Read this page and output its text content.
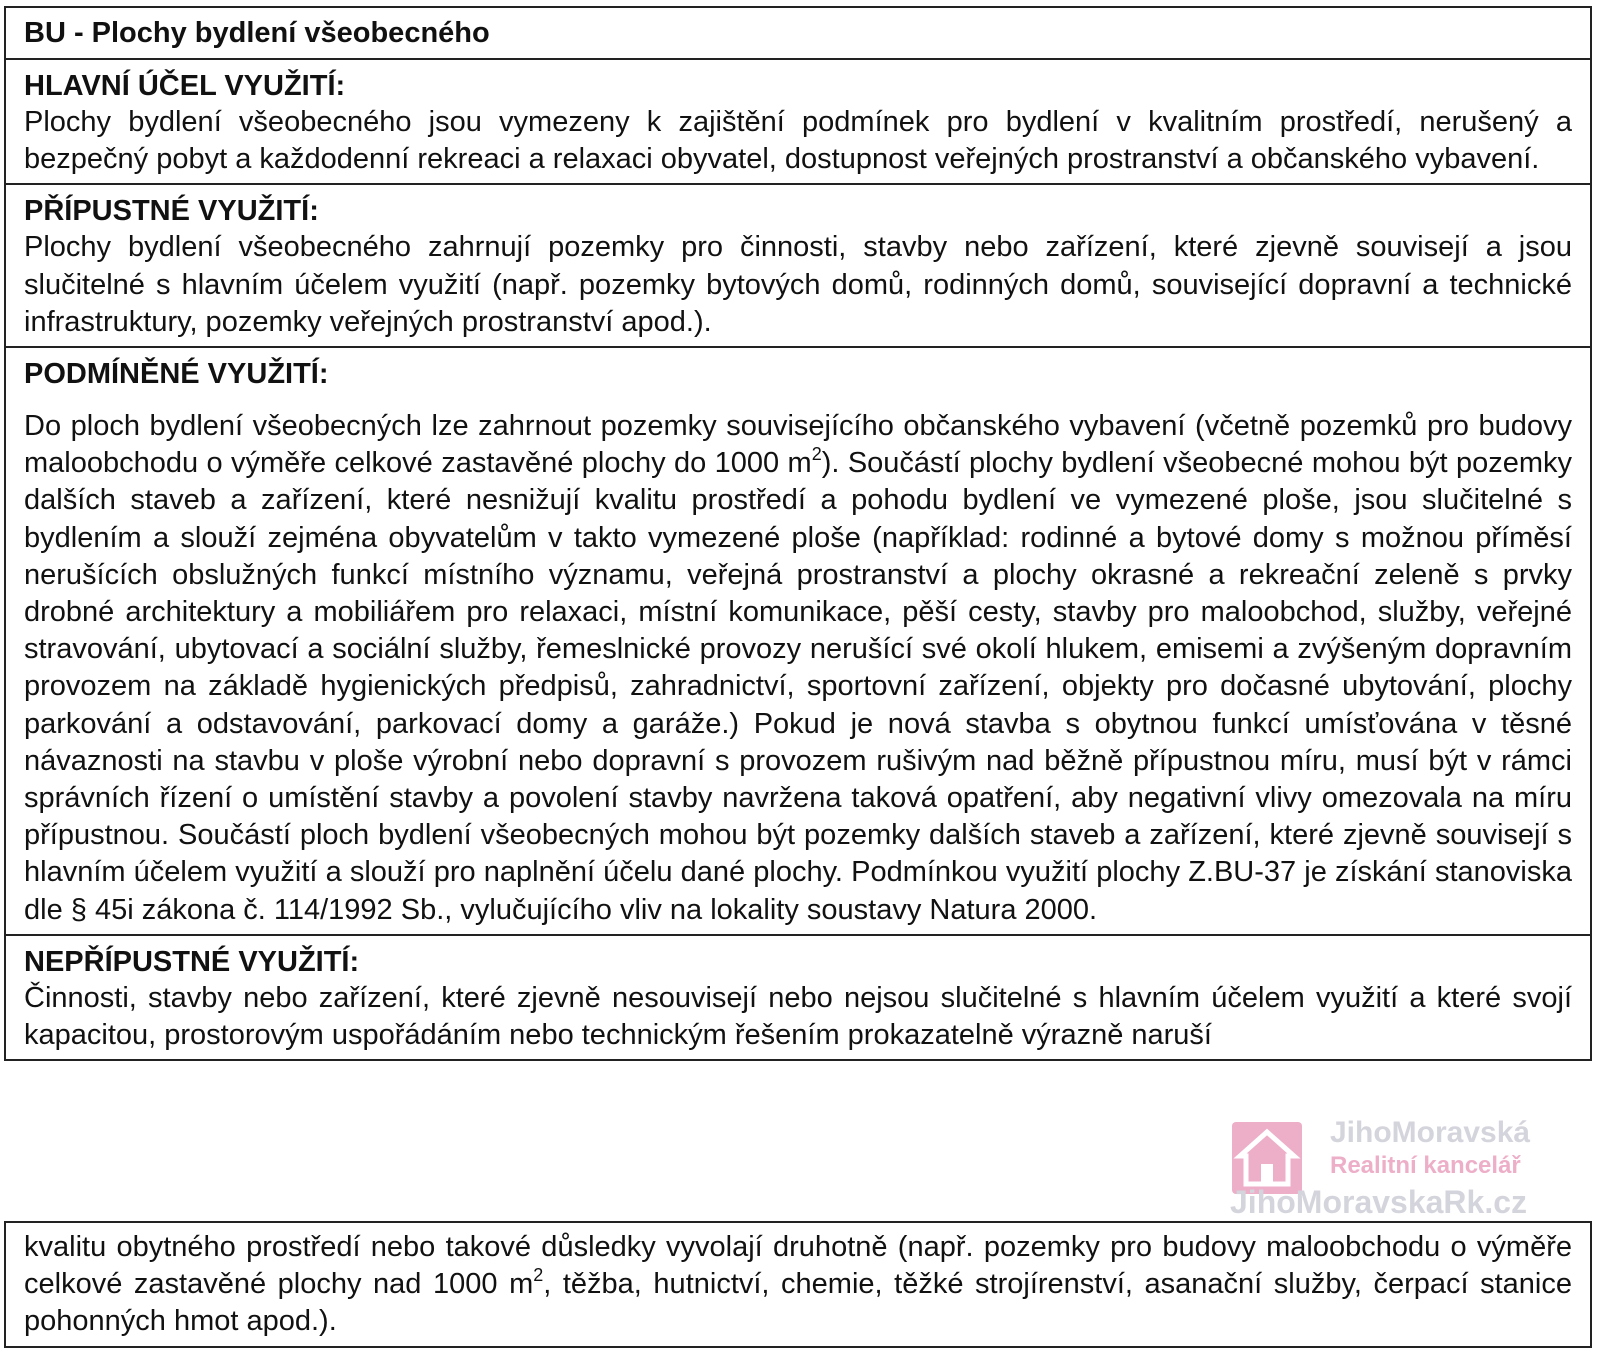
BU - Plochy bydlení všeobecného
HLAVNÍ ÚČEL VYUŽITÍ:
Plochy bydlení všeobecného jsou vymezeny k zajištění podmínek pro bydlení v kvalitním prostředí, nerušený a bezpečný pobyt a každodenní rekreaci a relaxaci obyvatel, dostupnost veřejných prostranství a občanského vybavení.
PŘÍPUSTNÉ VYUŽITÍ:
Plochy bydlení všeobecného zahrnují pozemky pro činnosti, stavby nebo zařízení, které zjevně souvisejí a jsou slučitelné s hlavním účelem využití (např. pozemky bytových domů, rodinných domů, související dopravní a technické infrastruktury, pozemky veřejných prostranství apod.).
PODMÍNĚNÉ VYUŽITÍ:
Do ploch bydlení všeobecných lze zahrnout pozemky souvisejícího občanského vybavení (včetně pozemků pro budovy maloobchodu o výměře celkové zastavěné plochy do 1000 $m^2$). Součástí plochy bydlení všeobecné mohou být pozemky dalších staveb a zařízení, které nesnižují kvalitu prostředí a pohodu bydlení ve vymezené ploše, jsou slučitelné s bydlením a slouží zejména obyvatelům v takto vymezené ploše (například: rodinné a bytové domy s možnou příměsí nerušících obslužných funkcí místního významu, veřejná prostranství a plochy okrasné a rekreační zeleně s prvky drobné architektury a mobiliářem pro relaxaci, místní komunikace, pěší cesty, stavby pro maloobchod, služby, veřejné stravování, ubytovací a sociální služby, řemeslnické provozy nerušící své okolí hlukem, emisemi a zvýšeným dopravním provozem na základě hygienických předpisů, zahradnictví, sportovní zařízení, objekty pro dočasné ubytování, plochy parkování a odstavování, parkovací domy a garáže.) Pokud je nová stavba s obytnou funkcí umísťována v těsné návaznosti na stavbu v ploše výrobní nebo dopravní s provozem rušivým nad běžně přípustnou míru, musí být v rámci správních řízení o umístění stavby a povolení stavby navržena taková opatření, aby negativní vlivy omezovala na míru přípustnou. Součástí ploch bydlení všeobecných mohou být pozemky dalších staveb a zařízení, které zjevně souvisejí s hlavním účelem využití a slouží pro naplnění účelu dané plochy. Podmínkou využití plochy Z.BU-37 je získání stanoviska dle § 45i zákona č. 114/1992 Sb., vylučujícího vliv na lokality soustavy Natura 2000.
NEPŘÍPUSTNÉ VYUŽITÍ:
Činnosti, stavby nebo zařízení, které zjevně nesouvisejí nebo nejsou slučitelné s hlavním účelem využití a které svojí kapacitou, prostorovým uspořádáním nebo technickým řešením prokazatelně výrazně naruší
kvalitu obytného prostředí nebo takové důsledky vyvolají druhotně (např. pozemky pro budovy maloobchodu o výměře celkové zastavěné plochy nad 1000 $m^2$, těžba, hutnictví, chemie, těžké strojírenství, asanační služby, čerpací stanice pohonných hmot apod.).
JihoMoravská
Realitní kancelář
JihoMoravskaRk.cz
